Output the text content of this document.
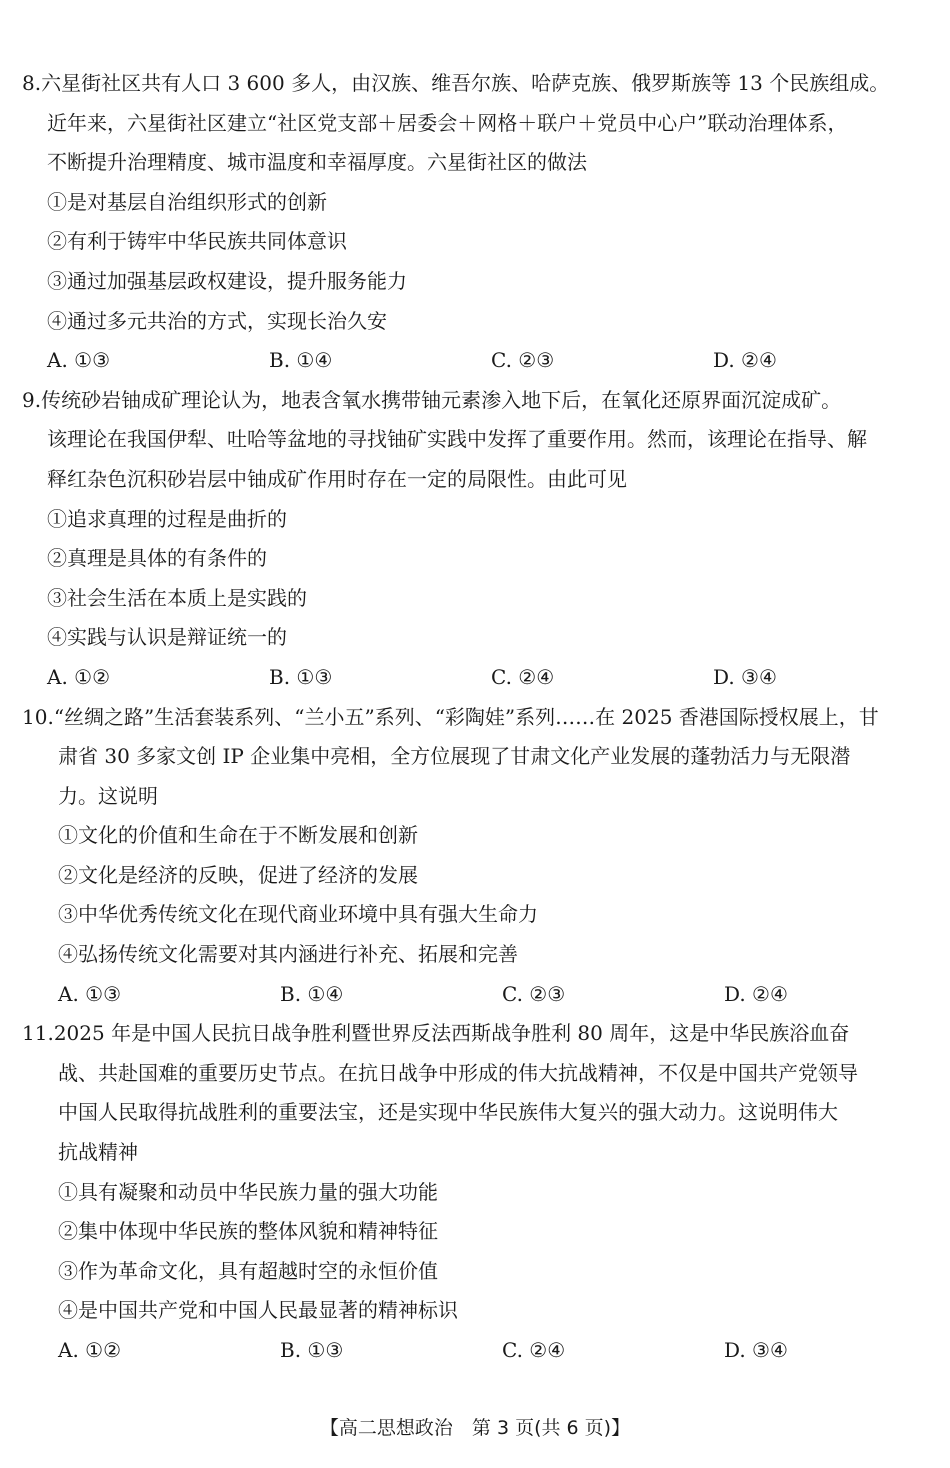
8.六星街社区共有人口 3 600 多人，由汉族、维吾尔族、哈萨克族、俄罗斯族等 13 个民族组成。
近年来，六星街社区建立“社区党支部＋居委会＋网格＋联户＋党员中心户”联动治理体系，
不断提升治理精度、城市温度和幸福厚度。六星街社区的做法
①是对基层自治组织形式的创新
②有利于铸牢中华民族共同体意识
③通过加强基层政权建设，提升服务能力
④通过多元共治的方式，实现长治久安
A. ①③	B. ①④	C. ②③	D. ②④
9.传统砂岩铀成矿理论认为，地表含氧水携带铀元素渗入地下后，在氧化还原界面沉淀成矿。
该理论在我国伊犁、吐哈等盆地的寻找铀矿实践中发挥了重要作用。然而，该理论在指导、解
释红杂色沉积砂岩层中铀成矿作用时存在一定的局限性。由此可见
①追求真理的过程是曲折的
②真理是具体的有条件的
③社会生活在本质上是实践的
④实践与认识是辩证统一的
A. ①②	B. ①③	C. ②④	D. ③④
10.“丝绸之路”生活套装系列、“兰小五”系列、“彩陶娃”系列……在 2025 香港国际授权展上，甘
肃省 30 多家文创 IP 企业集中亮相，全方位展现了甘肃文化产业发展的蓬勃活力与无限潜
力。这说明
①文化的价值和生命在于不断发展和创新
②文化是经济的反映，促进了经济的发展
③中华优秀传统文化在现代商业环境中具有强大生命力
④弘扬传统文化需要对其内涵进行补充、拓展和完善
A. ①③	B. ①④	C. ②③	D. ②④
11.2025 年是中国人民抗日战争胜利暨世界反法西斯战争胜利 80 周年，这是中华民族浴血奋
战、共赴国难的重要历史节点。在抗日战争中形成的伟大抗战精神，不仅是中国共产党领导
中国人民取得抗战胜利的重要法宝，还是实现中华民族伟大复兴的强大动力。这说明伟大
抗战精神
①具有凝聚和动员中华民族力量的强大功能
②集中体现中华民族的整体风貌和精神特征
③作为革命文化，具有超越时空的永恒价值
④是中国共产党和中国人民最显著的精神标识
A. ①②	B. ①③	C. ②④	D. ③④
【高二思想政治　第 3 页(共 6 页)】
